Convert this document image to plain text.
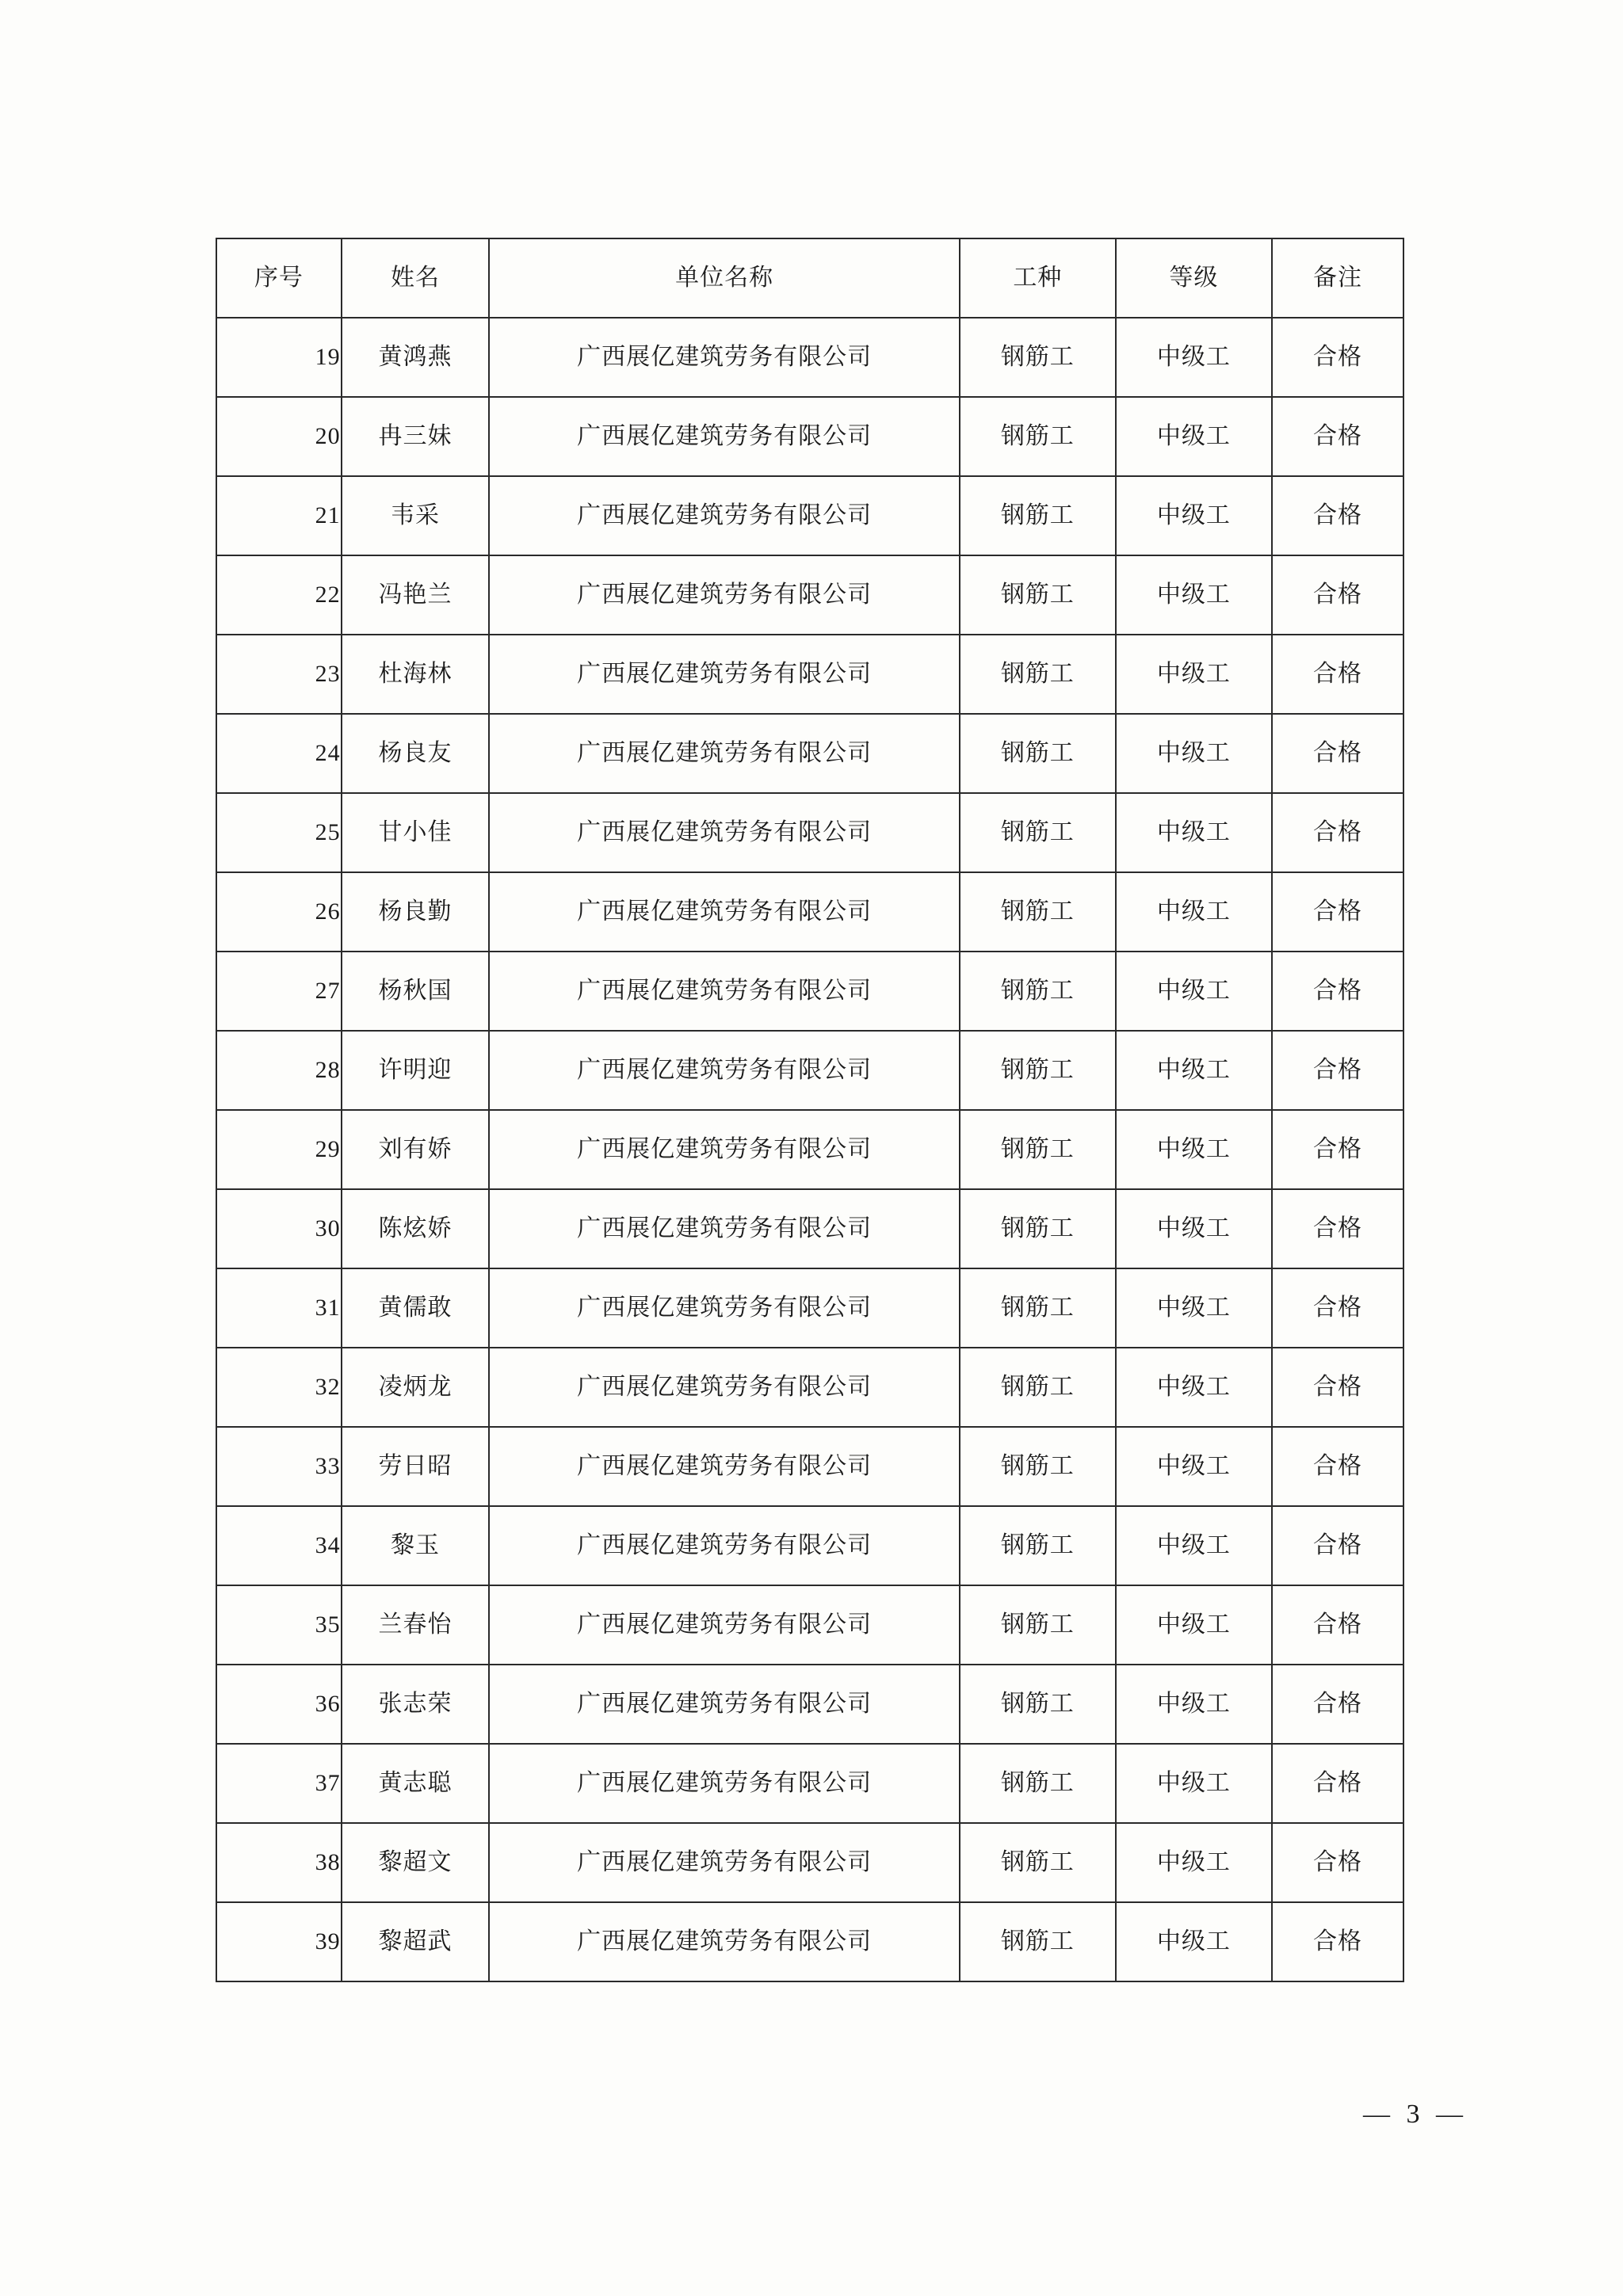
序号	姓名	单位名称	工种	等级	备注
19	黄鸿燕	广西展亿建筑劳务有限公司	钢筋工	中级工	合格
20	冉三妹	广西展亿建筑劳务有限公司	钢筋工	中级工	合格
21	韦采	广西展亿建筑劳务有限公司	钢筋工	中级工	合格
22	冯艳兰	广西展亿建筑劳务有限公司	钢筋工	中级工	合格
23	杜海林	广西展亿建筑劳务有限公司	钢筋工	中级工	合格
24	杨良友	广西展亿建筑劳务有限公司	钢筋工	中级工	合格
25	甘小佳	广西展亿建筑劳务有限公司	钢筋工	中级工	合格
26	杨良勤	广西展亿建筑劳务有限公司	钢筋工	中级工	合格
27	杨秋国	广西展亿建筑劳务有限公司	钢筋工	中级工	合格
28	许明迎	广西展亿建筑劳务有限公司	钢筋工	中级工	合格
29	刘有娇	广西展亿建筑劳务有限公司	钢筋工	中级工	合格
30	陈炫娇	广西展亿建筑劳务有限公司	钢筋工	中级工	合格
31	黄儒敢	广西展亿建筑劳务有限公司	钢筋工	中级工	合格
32	凌炳龙	广西展亿建筑劳务有限公司	钢筋工	中级工	合格
33	劳日昭	广西展亿建筑劳务有限公司	钢筋工	中级工	合格
34	黎玉	广西展亿建筑劳务有限公司	钢筋工	中级工	合格
35	兰春怡	广西展亿建筑劳务有限公司	钢筋工	中级工	合格
36	张志荣	广西展亿建筑劳务有限公司	钢筋工	中级工	合格
37	黄志聪	广西展亿建筑劳务有限公司	钢筋工	中级工	合格
38	黎超文	广西展亿建筑劳务有限公司	钢筋工	中级工	合格
39	黎超武	广西展亿建筑劳务有限公司	钢筋工	中级工	合格
— 3 —
